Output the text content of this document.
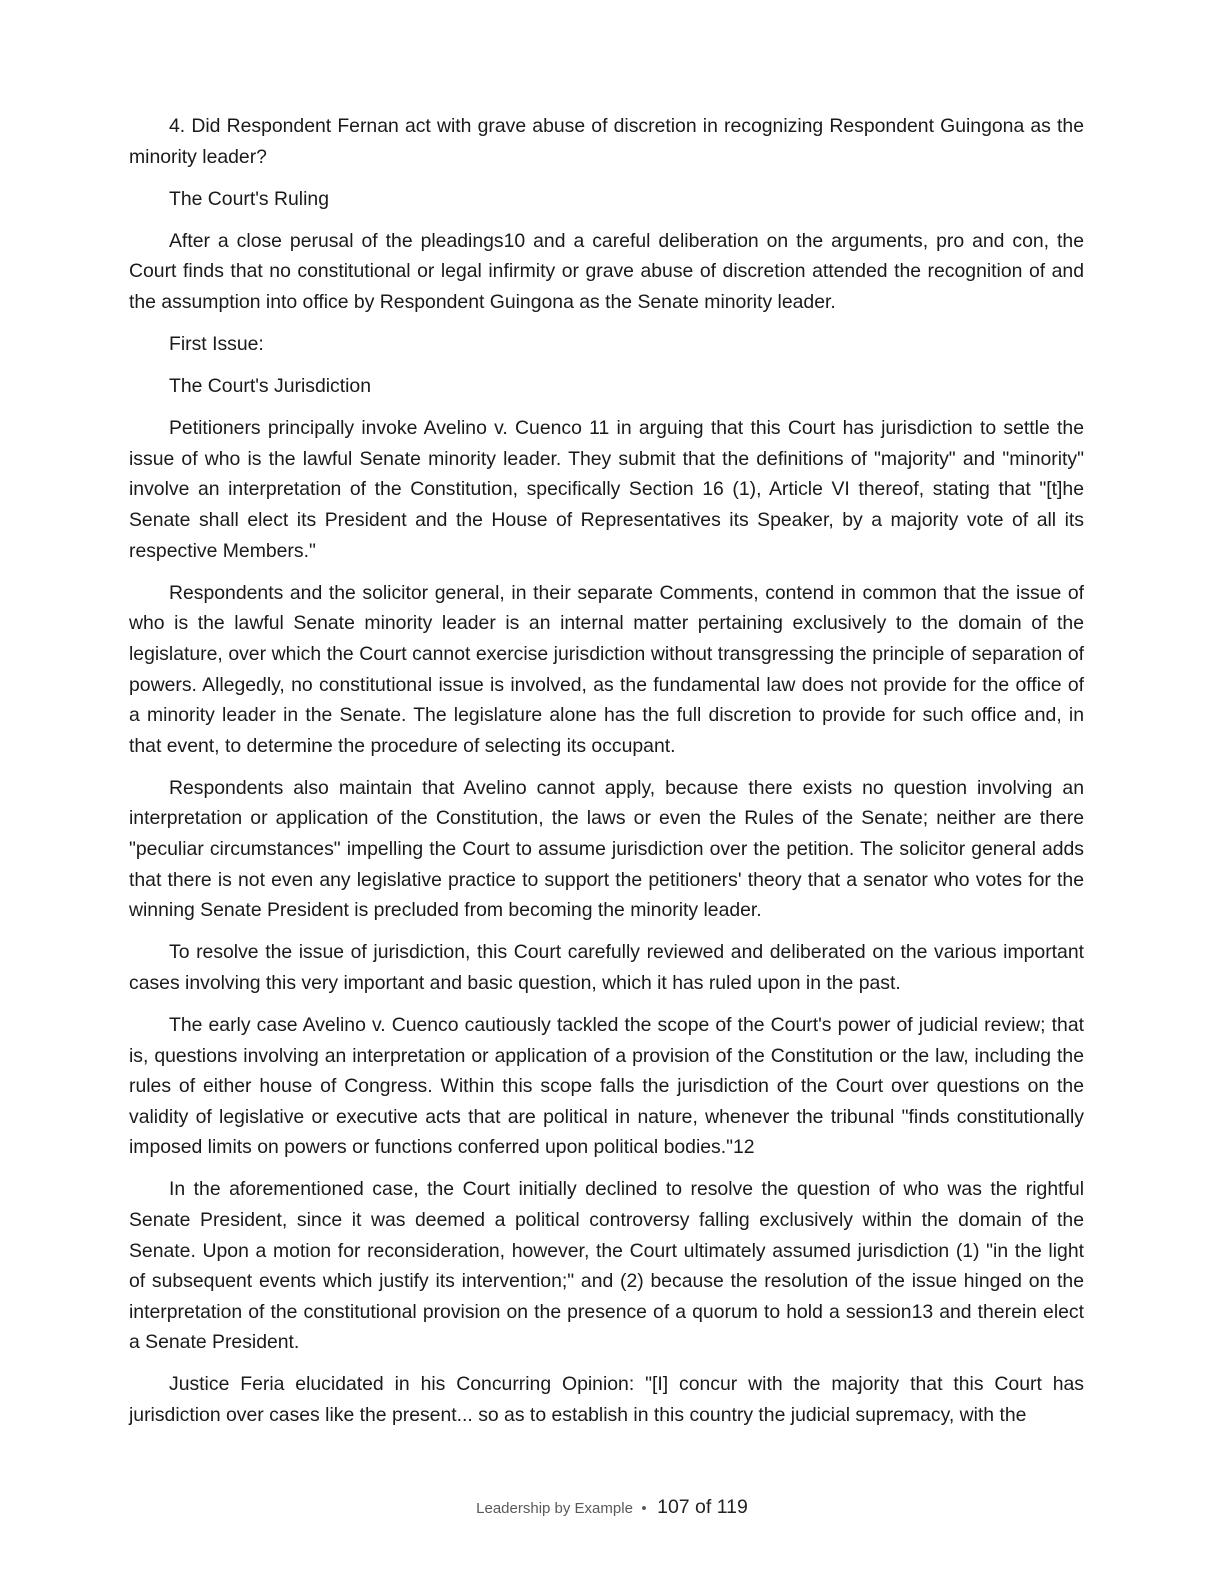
4. Did Respondent Fernan act with grave abuse of discretion in recognizing Respondent Guingona as the minority leader?

The Court's Ruling

After a close perusal of the pleadings10 and a careful deliberation on the arguments, pro and con, the Court finds that no constitutional or legal infirmity or grave abuse of discretion attended the recognition of and the assumption into office by Respondent Guingona as the Senate minority leader.

First Issue:

The Court's Jurisdiction

Petitioners principally invoke Avelino v. Cuenco 11 in arguing that this Court has jurisdiction to settle the issue of who is the lawful Senate minority leader. They submit that the definitions of "majority" and "minority" involve an interpretation of the Constitution, specifically Section 16 (1), Article VI thereof, stating that "[t]he Senate shall elect its President and the House of Representatives its Speaker, by a majority vote of all its respective Members."

Respondents and the solicitor general, in their separate Comments, contend in common that the issue of who is the lawful Senate minority leader is an internal matter pertaining exclusively to the domain of the legislature, over which the Court cannot exercise jurisdiction without transgressing the principle of separation of powers. Allegedly, no constitutional issue is involved, as the fundamental law does not provide for the office of a minority leader in the Senate. The legislature alone has the full discretion to provide for such office and, in that event, to determine the procedure of selecting its occupant.

Respondents also maintain that Avelino cannot apply, because there exists no question involving an interpretation or application of the Constitution, the laws or even the Rules of the Senate; neither are there "peculiar circumstances" impelling the Court to assume jurisdiction over the petition. The solicitor general adds that there is not even any legislative practice to support the petitioners' theory that a senator who votes for the winning Senate President is precluded from becoming the minority leader.

To resolve the issue of jurisdiction, this Court carefully reviewed and deliberated on the various important cases involving this very important and basic question, which it has ruled upon in the past.

The early case Avelino v. Cuenco cautiously tackled the scope of the Court's power of judicial review; that is, questions involving an interpretation or application of a provision of the Constitution or the law, including the rules of either house of Congress. Within this scope falls the jurisdiction of the Court over questions on the validity of legislative or executive acts that are political in nature, whenever the tribunal "finds constitutionally imposed limits on powers or functions conferred upon political bodies."12

In the aforementioned case, the Court initially declined to resolve the question of who was the rightful Senate President, since it was deemed a political controversy falling exclusively within the domain of the Senate. Upon a motion for reconsideration, however, the Court ultimately assumed jurisdiction (1) "in the light of subsequent events which justify its intervention;" and (2) because the resolution of the issue hinged on the interpretation of the constitutional provision on the presence of a quorum to hold a session13 and therein elect a Senate President.

Justice Feria elucidated in his Concurring Opinion: "[I] concur with the majority that this Court has jurisdiction over cases like the present... so as to establish in this country the judicial supremacy, with the

Leadership by Example • 107 of 119
